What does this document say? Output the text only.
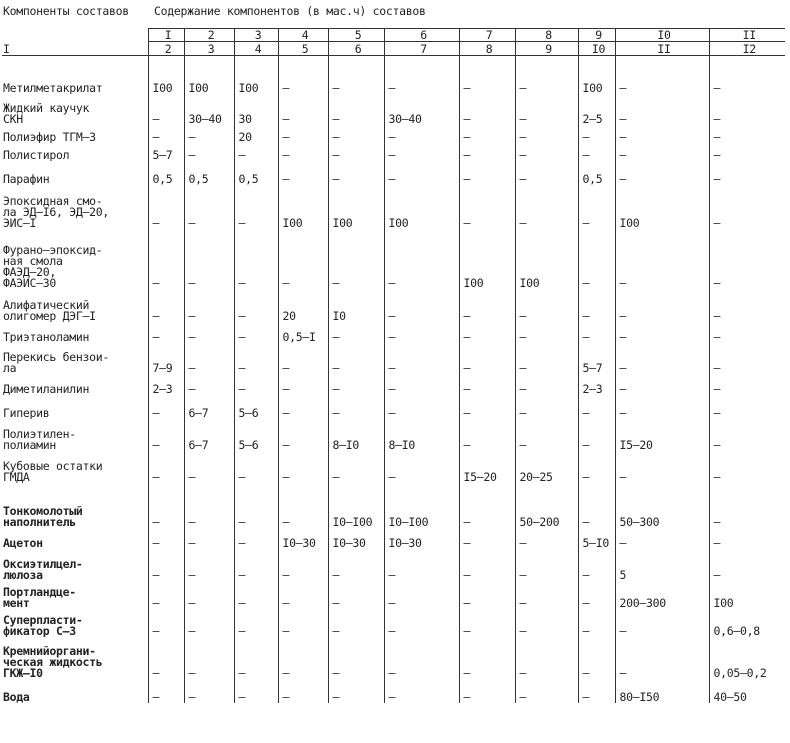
Компоненты составов	Содержание компонентов (в мас.ч) составов										
	I	2	3	4	5	6	7	8	9	I0	II
I	2	3	4	5	6	7	8	9	I0	II	I2

Метилметакрилат	I00	I00	I00	–	–	–	–	–	I00	–	–
Жидкий каучук
СКН	–	30–40	30	–	–	30–40	–	–	2–5	–	–
Полиэфир ТГМ–3	–	–	20	–	–	–	–	–	–	–	–
Полистирол	5–7	–	–	–	–	–	–	–	–	–	–
Парафин	0,5	0,5	0,5	–	–	–	–	–	0,5	–	–
Эпоксидная смо-
ла ЭД–I6, ЭД–20,
ЭИС–I	–	–	–	I00	I00	I00	–	–	–	I00	–
Фурано–эпоксид-
ная смола
ФАЭД–20,
ФАЭИС–30	–	–	–	–	–	–	I00	I00	–	–	–
Алифатический
олигомер ДЭГ–I	–	–	–	20	I0	–	–	–	–	–	–
Триэтаноламин	–	–	–	0,5–I	–	–	–	–	–	–	–
Перекись бензои-
ла	7–9	–	–	–	–	–	–	–	5–7	–	–
Диметиланилин	2–3	–	–	–	–	–	–	–	2–3	–	–
Гиперив	–	6–7	5–6	–	–	–	–	–	–	–	–
Полиэтилен-
полиамин	–	6–7	5–6	–	8–I0	8–I0	–	–	–	I5–20	–
Кубовые остатки
ГМДА	–	–	–	–	–	–	I5–20	20–25	–	–	–

Тонкомолотый
наполнитель	–	–	–	–	I0–I00	I0–I00	–	50–200	–	50–300	–
Ацетон	–	–	–	I0–30	I0–30	I0–30	–	–	5–I0	–	–
Оксиэтилцел-
люлоза	–	–	–	–	–	–	–	–	–	5	–
Портландце-
мент	–	–	–	–	–	–	–	–	–	200–300	I00
Суперпласти-
фикатор С–3	–	–	–	–	–	–	–	–	–	–	0,6–0,8
Кремнийоргани-
ческая жидкость
ГКЖ–I0	–	–	–	–	–	–	–	–	–	–	0,05–0,2
Вода	–	–	–	–	–	–	–	–	–	80–I50	40–50
